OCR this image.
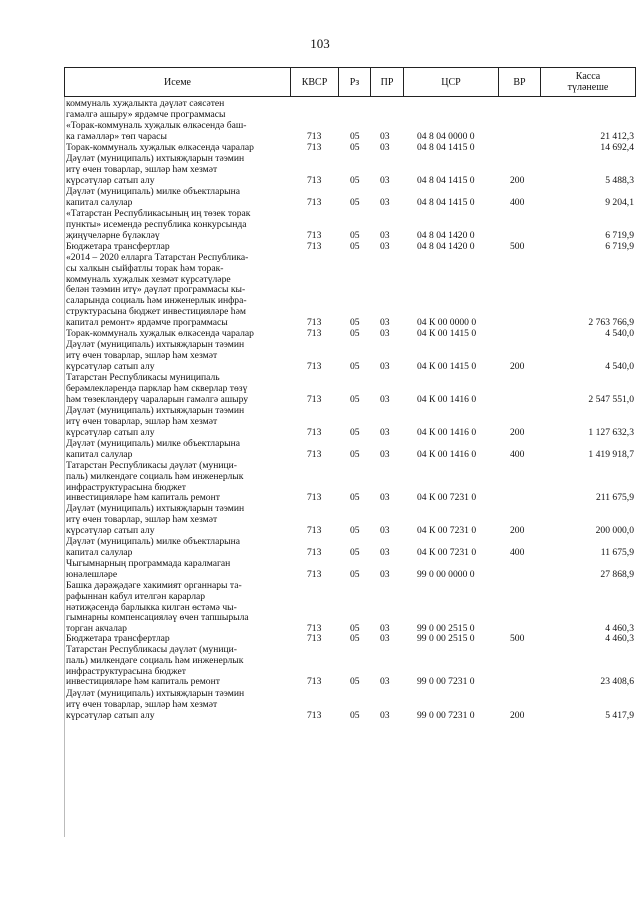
103
Исеме	КВСР	Рз	ПР	ЦСР	ВР	Касса
түләнеше
коммуналь хуҗалыкта дәүләт сәясәтен
гамәлгә ашыру» ярдәмче программасы
«Торак-коммуналь хуҗалык өлкәсендә баш-
ка гамәлләр» төп чарасы	713	05 03	04 8 04 0000 0	21 412,3
Торак-коммуналь хуҗалык өлкәсендә чаралар	713	05 03	04 8 04 1415 0	14 692,4
Дәүләт (муниципаль) ихтыяҗларын тәэмин
итү өчен товарлар, эшләр һәм хезмәт
күрсәтүләр сатып алу	713	05 03	04 8 04 1415 0	200	5 488,3
Дәүләт (муниципаль) милке объектларына
капитал салулар	713	05 03	04 8 04 1415 0	400	9 204,1
«Татарстан Республикасының иң төзек торак
пункты» исемендә республика конкурсында
җиңүчеләрне бүләкләү	713	05 03	04 8 04 1420 0	6 719,9
Бюджетара трансфертлар	713	05 03	04 8 04 1420 0	500	6 719,9
«2014 – 2020 елларга Татарстан Республика-
сы халкын сыйфатлы торак һәм торак-
коммуналь хуҗалык хезмәт күрсәтүләре
белән тәэмин итү» дәүләт программасы кы-
саларында социаль һәм инженерлык инфра-
структурасына бюджет инвестицияләре һәм
капитал ремонт» ярдәмче программасы	713	05 03	04 К 00 0000 0	2 763 766,9
Торак-коммуналь хуҗалык өлкәсендә чаралар	713	05 03	04 К 00 1415 0	4 540,0
Дәүләт (муниципаль) ихтыяҗларын тәэмин
итү өчен товарлар, эшләр һәм хезмәт
күрсәтүләр сатып алу	713	05 03	04 К 00 1415 0	200	4 540,0
Татарстан Республикасы муниципаль
берәмлекләрендә парклар һәм скверлар төзү
һәм төзекләндерү чараларын гамәлгә ашыру	713	05 03	04 К 00 1416 0	2 547 551,0
Дәүләт (муниципаль) ихтыяҗларын тәэмин
итү өчен товарлар, эшләр һәм хезмәт
күрсәтүләр сатып алу	713	05 03	04 К 00 1416 0	200	1 127 632,3
Дәүләт (муниципаль) милке объектларына
капитал салулар	713	05 03	04 К 00 1416 0	400	1 419 918,7
Татарстан Республикасы дәүләт (муници-
паль) милкендәге социаль һәм инженерлык
инфраструктурасына бюджет
инвестицияләре һәм капиталь ремонт	713	05 03	04 К 00 7231 0	211 675,9
Дәүләт (муниципаль) ихтыяҗларын тәэмин
итү өчен товарлар, эшләр һәм хезмәт
күрсәтүләр сатып алу	713	05 03	04 К 00 7231 0	200	200 000,0
Дәүләт (муниципаль) милке объектларына
капитал салулар	713	05 03	04 К 00 7231 0	400	11 675,9
Чыгымнарның программада каралмаган
юнәлешләре	713	05 03	99 0 00 0000 0	27 868,9
Башка дәрәҗәдәге хакимият органнары та-
рафыннан кабул ителгән карарлар
нәтиҗәсендә барлыкка килгән өстәмә чы-
гымнарны компенсацияләү өчен тапшырыла
торган акчалар	713	05 03	99 0 00 2515 0	4 460,3
Бюджетара трансфертлар	713	05 03	99 0 00 2515 0	500	4 460,3
Татарстан Республикасы дәүләт (муници-
паль) милкендәге социаль һәм инженерлык
инфраструктурасына бюджет
инвестицияләре һәм капиталь ремонт	713	05 03	99 0 00 7231 0	23 408,6
Дәүләт (муниципаль) ихтыяҗларын тәэмин
итү өчен товарлар, эшләр һәм хезмәт
күрсәтүләр сатып алу	713	05 03	99 0 00 7231 0	200	5 417,9
